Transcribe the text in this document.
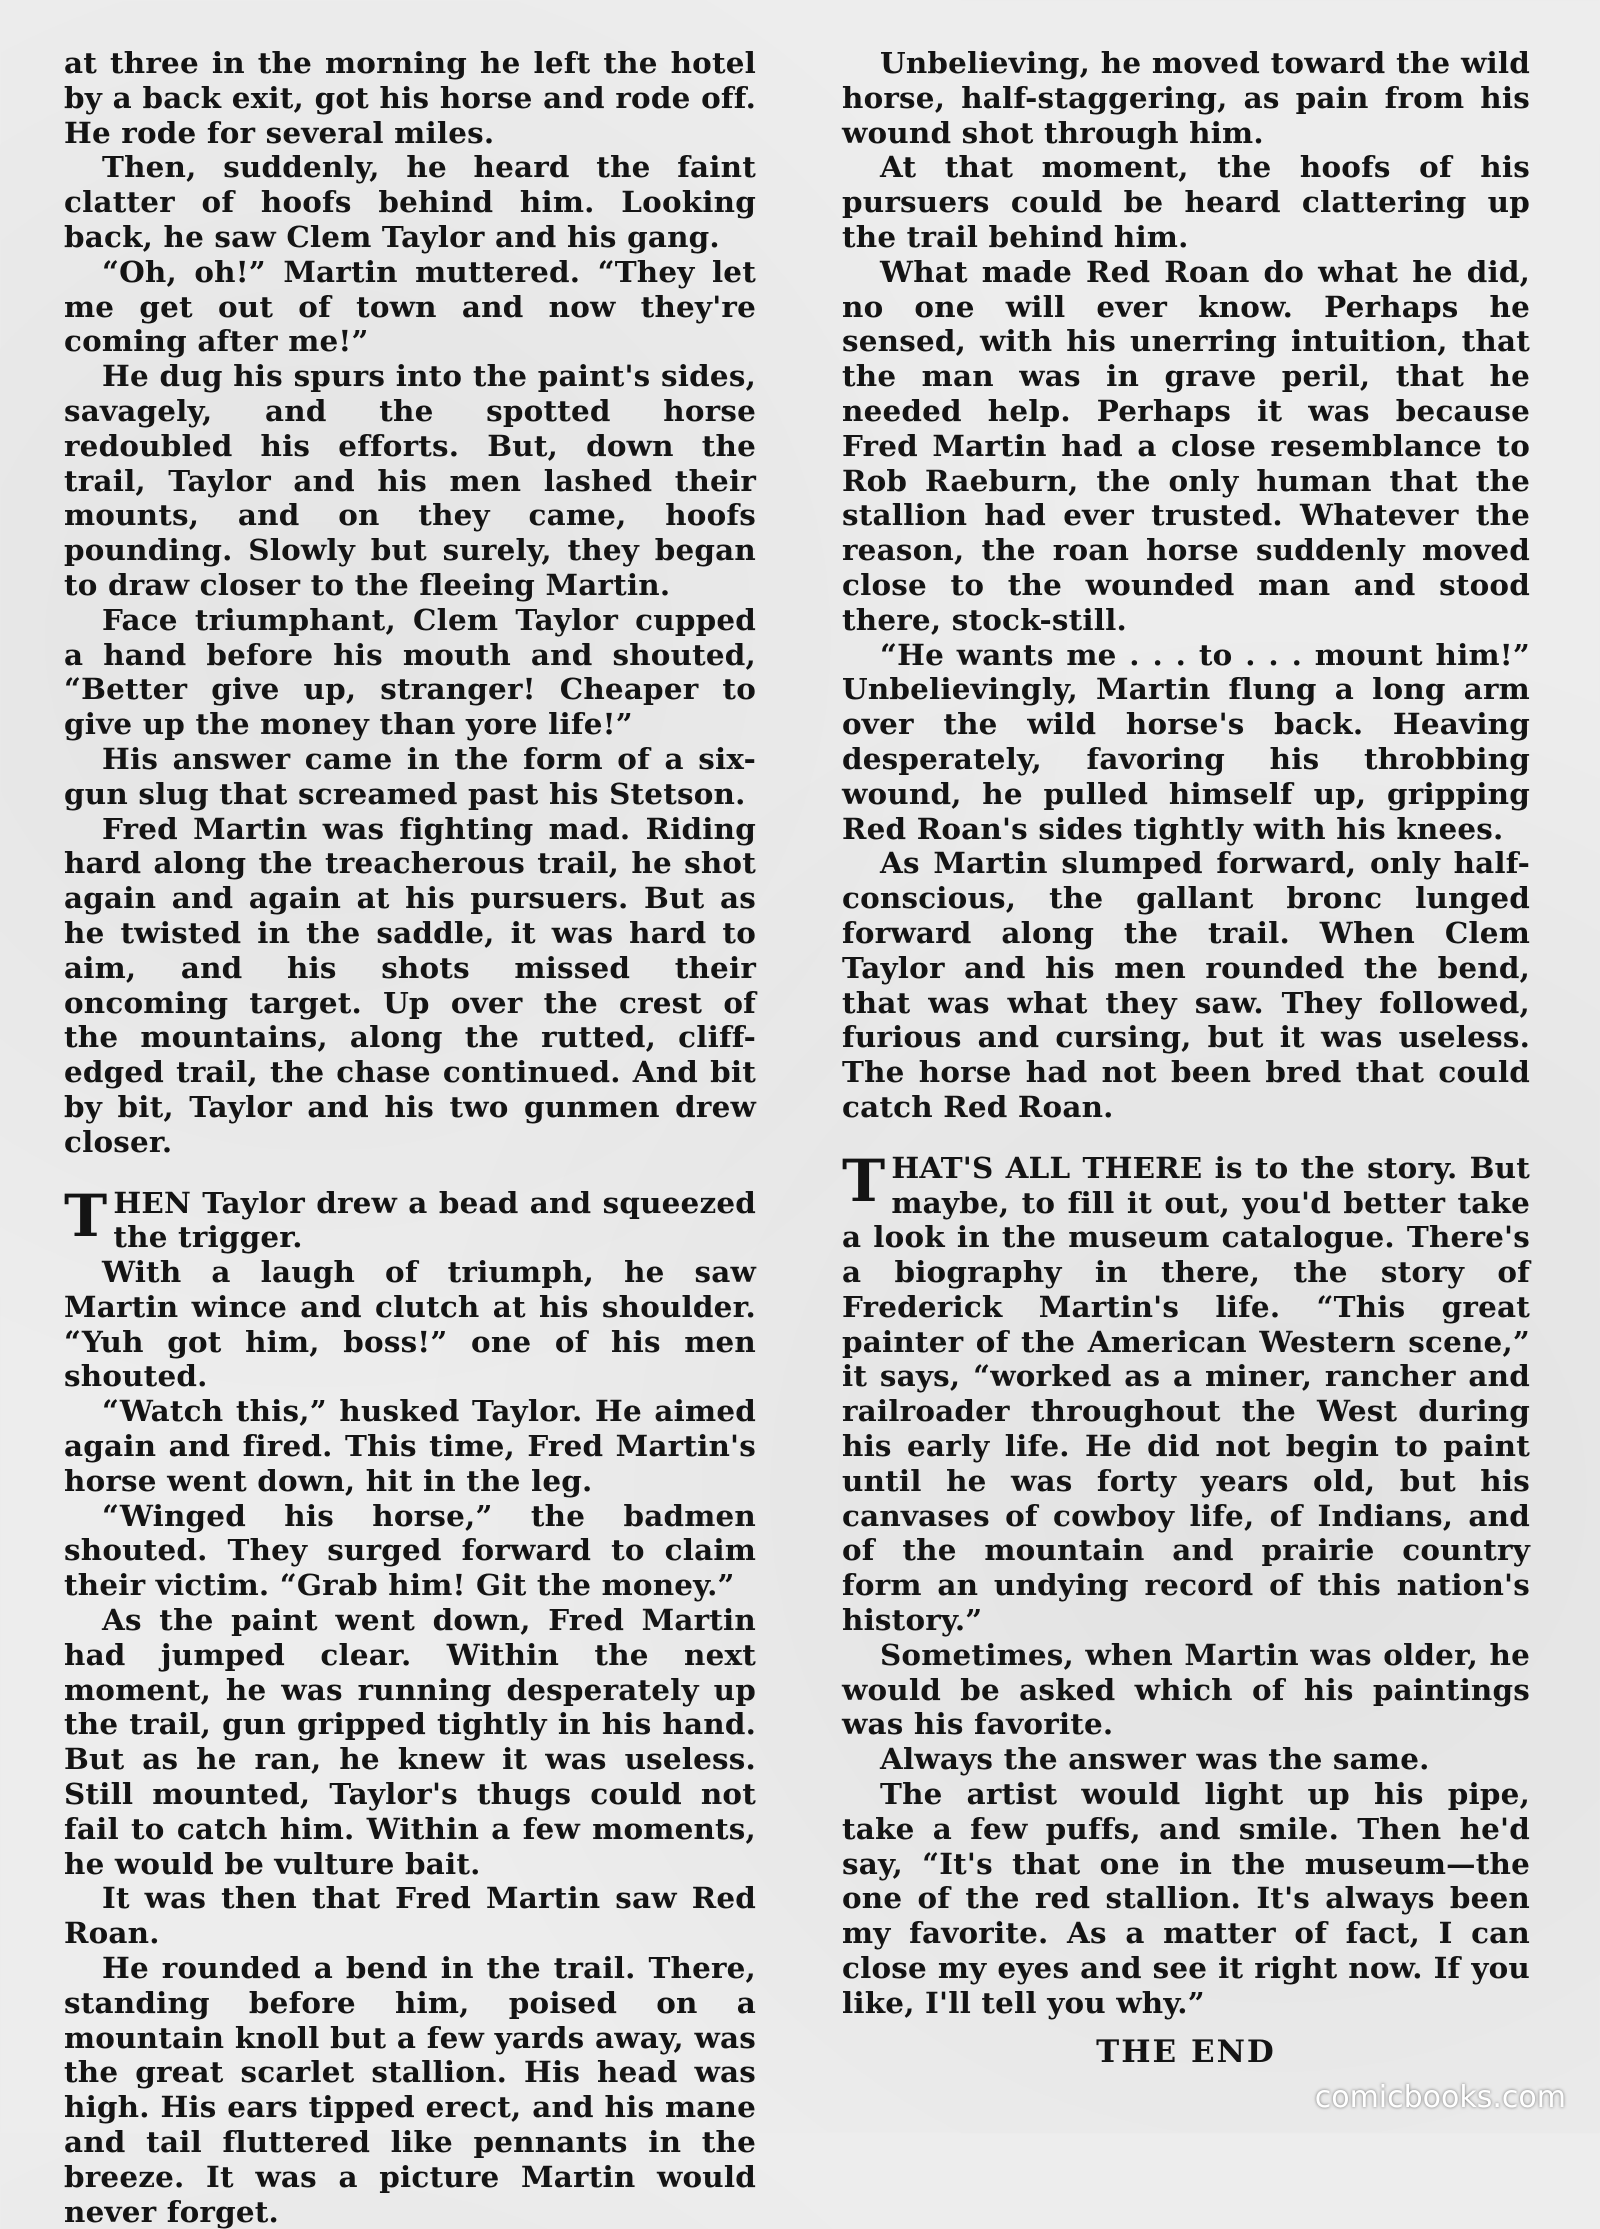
at three in the morning he left the hotel by a back exit, got his horse and rode off. He rode for several miles.

Then, suddenly, he heard the faint clatter of hoofs behind him. Looking back, he saw Clem Taylor and his gang.

“Oh, oh!” Martin muttered. “They let me get out of town and now they're coming after me!”

He dug his spurs into the paint's sides, savagely, and the spotted horse redoubled his efforts. But, down the trail, Taylor and his men lashed their mounts, and on they came, hoofs pounding. Slowly but surely, they began to draw closer to the fleeing Martin.

Face triumphant, Clem Taylor cupped a hand before his mouth and shouted, “Better give up, stranger! Cheaper to give up the money than yore life!”

His answer came in the form of a six-gun slug that screamed past his Stetson.

Fred Martin was fighting mad. Riding hard along the treacherous trail, he shot again and again at his pursuers. But as he twisted in the saddle, it was hard to aim, and his shots missed their oncoming target. Up over the crest of the mountains, along the rutted, cliff-edged trail, the chase continued. And bit by bit, Taylor and his two gunmen drew closer.

T HEN Taylor drew a bead and squeezed the trigger.

With a laugh of triumph, he saw Martin wince and clutch at his shoulder. “Yuh got him, boss!” one of his men shouted.

“Watch this,” husked Taylor. He aimed again and fired. This time, Fred Martin's horse went down, hit in the leg.

“Winged his horse,” the badmen shouted. They surged forward to claim their victim. “Grab him! Git the money.”

As the paint went down, Fred Martin had jumped clear. Within the next moment, he was running desperately up the trail, gun gripped tightly in his hand. But as he ran, he knew it was useless. Still mounted, Taylor's thugs could not fail to catch him. Within a few moments, he would be vulture bait.

It was then that Fred Martin saw Red Roan.

He rounded a bend in the trail. There, standing before him, poised on a mountain knoll but a few yards away, was the great scarlet stallion. His head was high. His ears tipped erect, and his mane and tail fluttered like pennants in the breeze. It was a picture Martin would never forget.

Unbelieving, he moved toward the wild horse, half-staggering, as pain from his wound shot through him.

At that moment, the hoofs of his pursuers could be heard clattering up the trail behind him.

What made Red Roan do what he did, no one will ever know. Perhaps he sensed, with his unerring intuition, that the man was in grave peril, that he needed help. Perhaps it was because Fred Martin had a close resemblance to Rob Raeburn, the only human that the stallion had ever trusted. Whatever the reason, the roan horse suddenly moved close to the wounded man and stood there, stock-still.

“He wants me . . . to . . . mount him!” Unbelievingly, Martin flung a long arm over the wild horse's back. Heaving desperately, favoring his throbbing wound, he pulled himself up, gripping Red Roan's sides tightly with his knees.

As Martin slumped forward, only half-conscious, the gallant bronc lunged forward along the trail. When Clem Taylor and his men rounded the bend, that was what they saw. They followed, furious and cursing, but it was useless. The horse had not been bred that could catch Red Roan.

T HAT'S ALL THERE is to the story. But maybe, to fill it out, you'd better take a look in the museum catalogue. There's a biography in there, the story of Frederick Martin's life. “This great painter of the American Western scene,” it says, “worked as a miner, rancher and railroader throughout the West during his early life. He did not begin to paint until he was forty years old, but his canvases of cowboy life, of Indians, and of the mountain and prairie country form an undying record of this nation's history.”

Sometimes, when Martin was older, he would be asked which of his paintings was his favorite.

Always the answer was the same.

The artist would light up his pipe, take a few puffs, and smile. Then he'd say, “It's that one in the museum—the one of the red stallion. It's always been my favorite. As a matter of fact, I can close my eyes and see it right now. If you like, I'll tell you why.”

THE END

comicbooks.com
